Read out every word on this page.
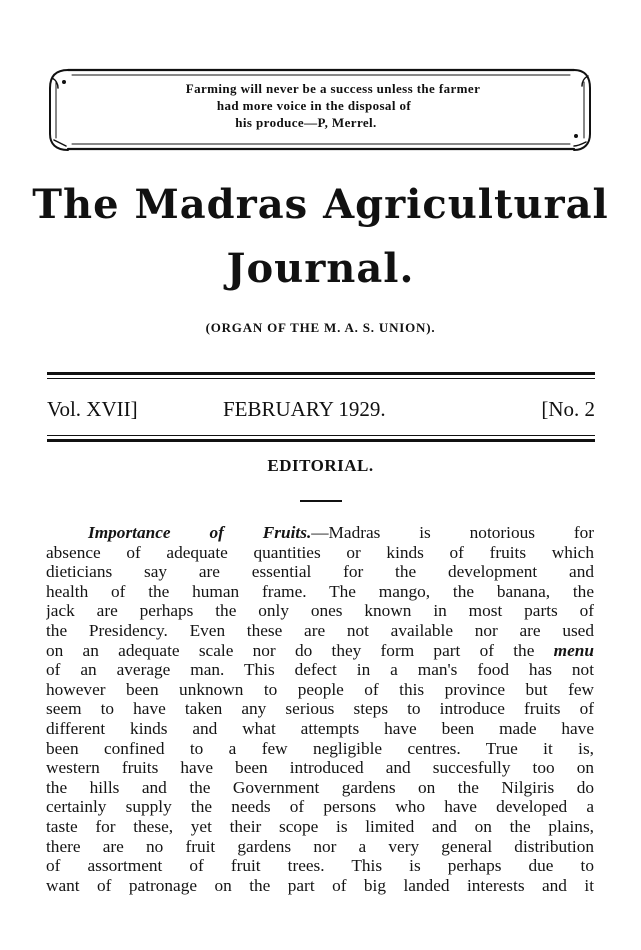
Farming will never be a success unless the farmer
had more voice in the disposal of
his produce—P, Merrel.
The Madras Agricultural
Journal.
(ORGAN OF THE M. A. S. UNION).
Vol. XVII]	FEBRUARY 1929.	[No. 2
EDITORIAL.
Importance of Fruits.—Madras is notorious for
absence of adequate quantities or kinds of fruits which
dieticians say are essential for the development and
health of the human frame. The mango, the banana, the
jack are perhaps the only ones known in most parts of
the Presidency. Even these are not available nor are used
on an adequate scale nor do they form part of the menu
of an average man. This defect in a man's food has not
however been unknown to people of this province but few
seem to have taken any serious steps to introduce fruits of
different kinds and what attempts have been made have
been confined to a few negligible centres. True it is,
western fruits have been introduced and succesfully too on
the hills and the Government gardens on the Nilgiris do
certainly supply the needs of persons who have developed a
taste for these, yet their scope is limited and on the plains,
there are no fruit gardens nor a very general distribution
of assortment of fruit trees. This is perhaps due to
want of patronage on the part of big landed interests and it
